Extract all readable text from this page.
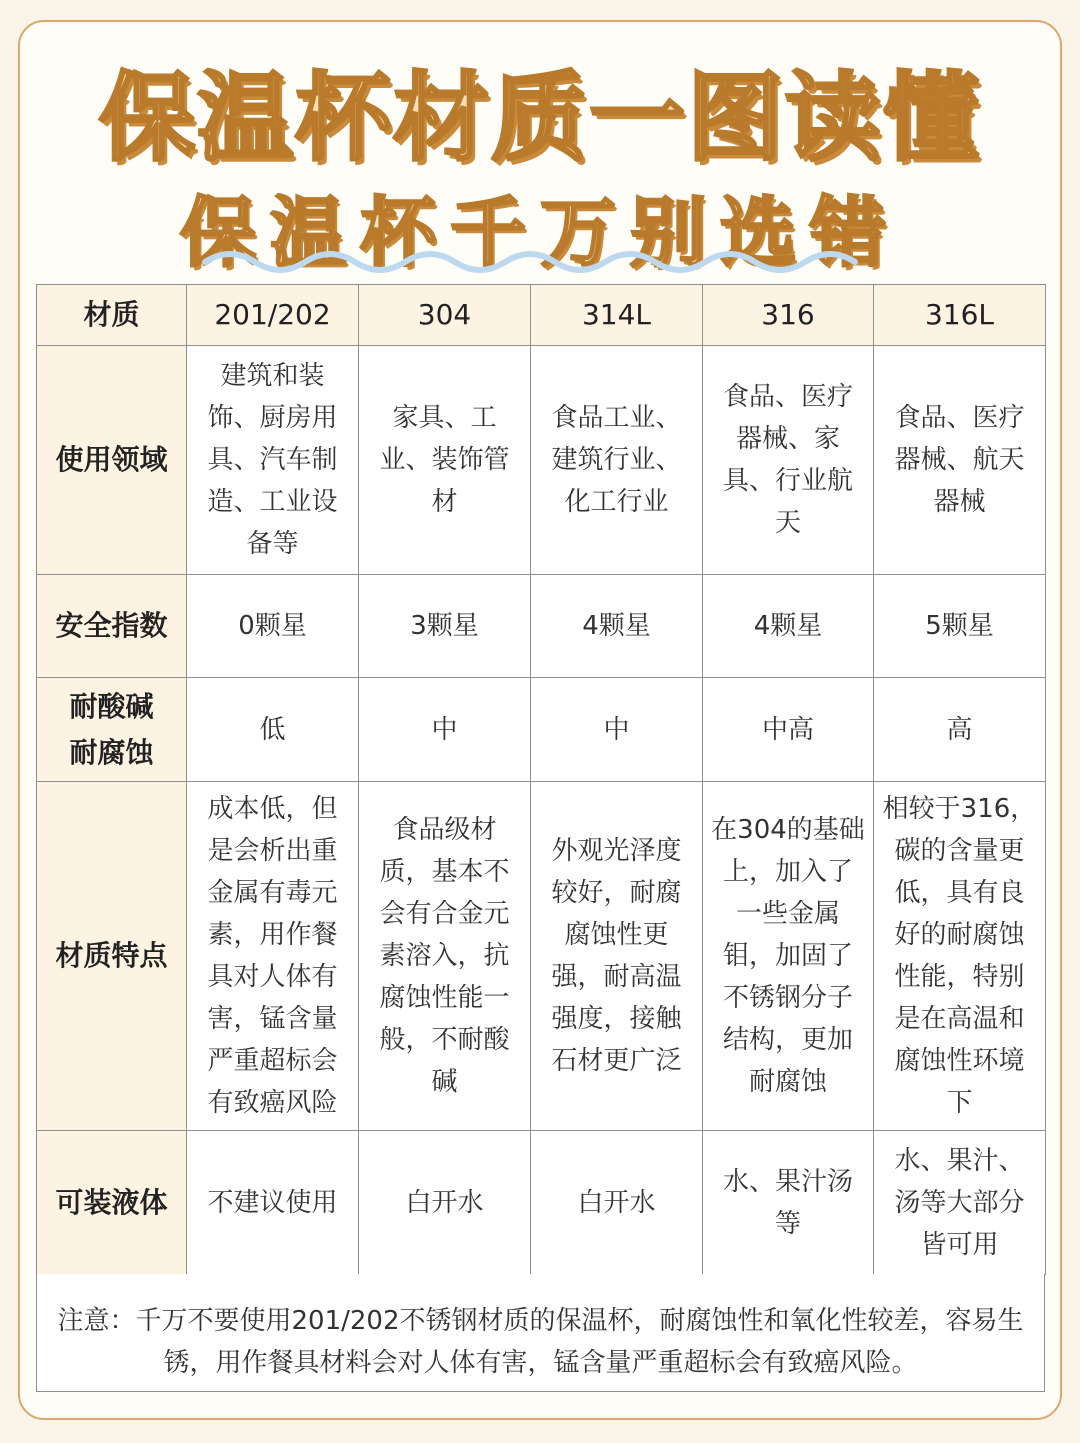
保温杯材质一图读懂
保温杯千万别选错
材质	201/202	304	314L	316	316L
使用领域	建筑和装饰、厨房用具、汽车制造、工业设备等	家具、工业、装饰管材	食品工业、建筑行业、化工行业	食品、医疗器械、家具、行业航天	食品、医疗器械、航天器械
安全指数	0颗星	3颗星	4颗星	4颗星	5颗星
耐酸碱耐腐蚀	低	中	中	中高	高
材质特点	成本低，但是会析出重金属有毒元素，用作餐具对人体有害，锰含量严重超标会有致癌风险	食品级材质，基本不会有合金元素溶入，抗腐蚀性能一般，不耐酸碱	外观光泽度较好，耐腐腐蚀性更强，耐高温强度，接触石材更广泛	在304的基础上，加入了一些金属钼，加固了不锈钢分子结构，更加耐腐蚀	相较于316，碳的含量更低，具有良好的耐腐蚀性能，特别是在高温和腐蚀性环境下
可装液体	不建议使用	白开水	白开水	水、果汁汤等	水、果汁、汤等大部分皆可用
注意：千万不要使用201/202不锈钢材质的保温杯，耐腐蚀性和氧化性较差，容易生锈，用作餐具材料会对人体有害，锰含量严重超标会有致癌风险。
